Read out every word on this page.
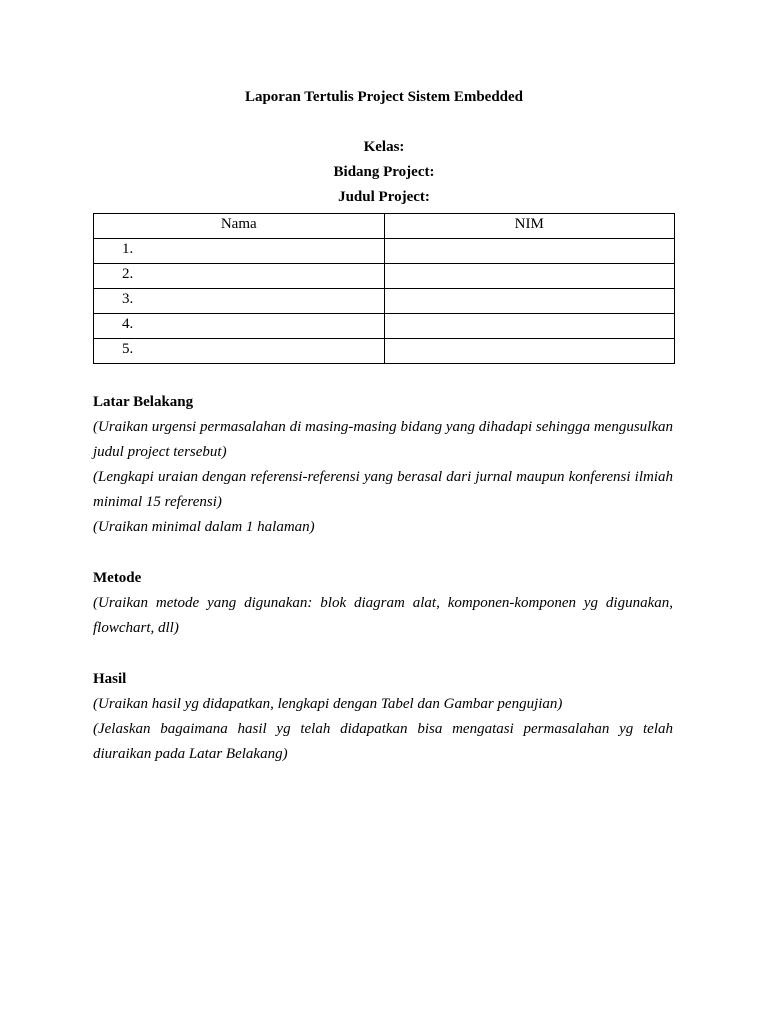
Laporan Tertulis Project Sistem Embedded
Kelas:
Bidang Project:
Judul Project:
Nama	NIM
1.	
2.	
3.	
4.	
5.	
Latar Belakang

(Uraikan urgensi permasalahan di masing-masing bidang yang dihadapi sehingga mengusulkan judul project tersebut)

(Lengkapi uraian dengan referensi-referensi yang berasal dari jurnal maupun konferensi ilmiah minimal 15 referensi)

(Uraikan minimal dalam 1 halaman)

Metode

(Uraikan metode yang digunakan: blok diagram alat, komponen-komponen yg digunakan, flowchart, dll)

Hasil

(Uraikan hasil yg didapatkan, lengkapi dengan Tabel dan Gambar pengujian)

(Jelaskan bagaimana hasil yg telah didapatkan bisa mengatasi permasalahan yg telah diuraikan pada Latar Belakang)
